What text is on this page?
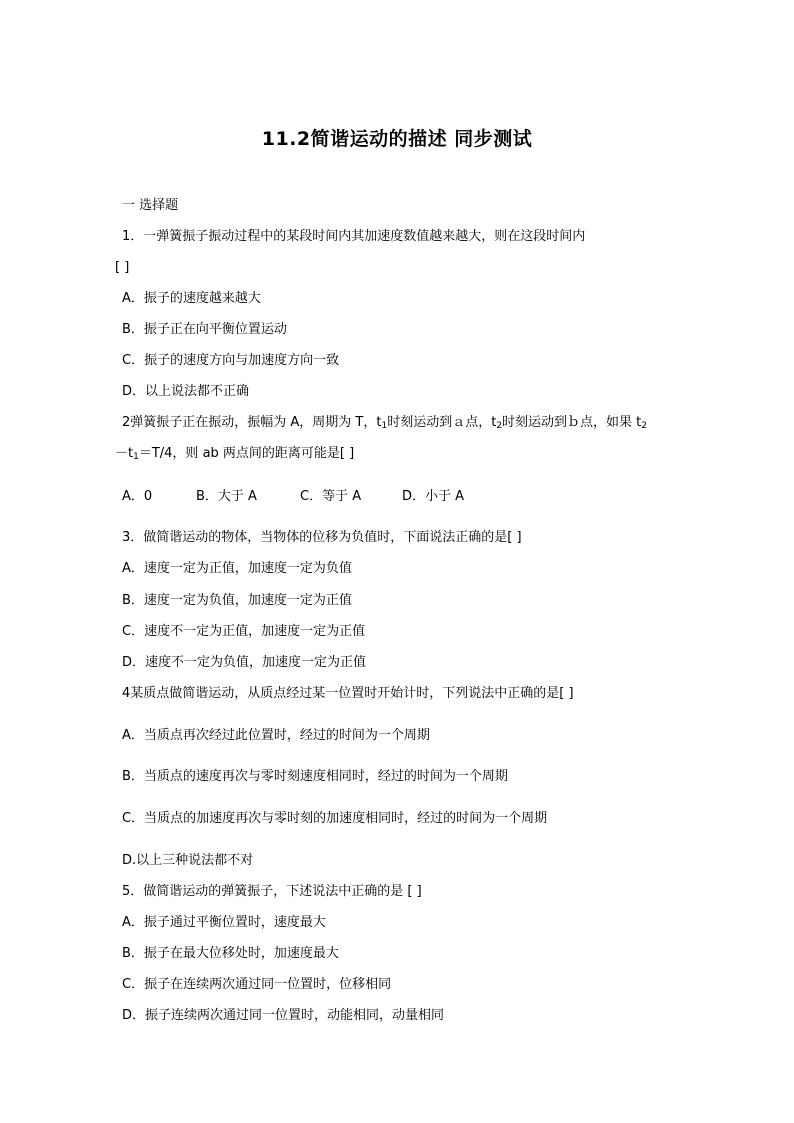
11.2简谐运动的描述 同步测试
一 选择题
1．一弹簧振子振动过程中的某段时间内其加速度数值越来越大，则在这段时间内
[ ]
A．振子的速度越来越大
B．振子正在向平衡位置运动
C．振子的速度方向与加速度方向一致
D．以上说法都不正确
2弹簧振子正在振动，振幅为 A，周期为 T，$t_1$时刻运动到ａ点，$t_2$时刻运动到ｂ点，如果 $t_2$
$-t_1=T/4$，则 ab 两点间的距离可能是[ ]
A．0	B．大于 A	C．等于 A	D．小于 A
3．做简谐运动的物体，当物体的位移为负值时，下面说法正确的是[ ]
A．速度一定为正值，加速度一定为负值
B．速度一定为负值，加速度一定为正值
C．速度不一定为正值，加速度一定为正值
D．速度不一定为负值，加速度一定为正值
4某质点做简谐运动，从质点经过某一位置时开始计时，下列说法中正确的是[ ]
A．当质点再次经过此位置时，经过的时间为一个周期
B．当质点的速度再次与零时刻速度相同时，经过的时间为一个周期
C．当质点的加速度再次与零时刻的加速度相同时，经过的时间为一个周期
D.以上三种说法都不对
5．做简谐运动的弹簧振子，下述说法中正确的是 [ ]
A．振子通过平衡位置时，速度最大
B．振子在最大位移处时，加速度最大
C．振子在连续两次通过同一位置时，位移相同
D．振子连续两次通过同一位置时，动能相同，动量相同
